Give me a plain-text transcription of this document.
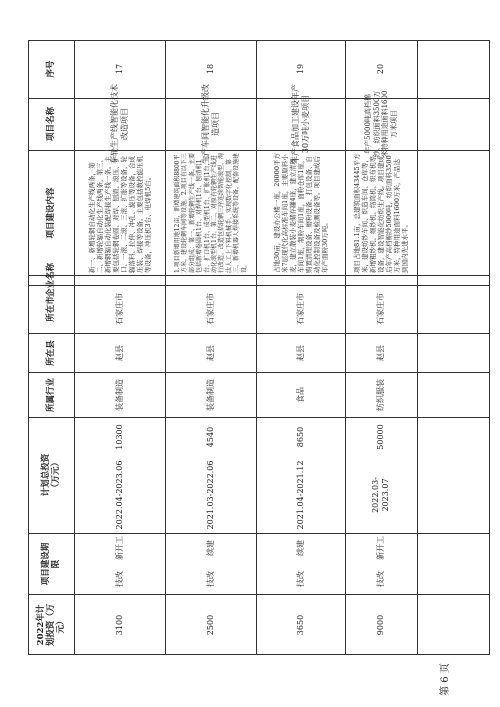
序号
项目名称
项目建设内容
企业名称
所在市
所在县
所属行业
计划总投资（万元）
项目建设期限
2022年计划投资（万元）
17
车轮生产线智能化技术改造项目
新一、新增轮辋自动化生产线两条，第二、新增轮辐自动化生产线两条，第三、新增辋辐自动化装配焊接生产线一条。主要包括轮辋卷圆、对焊、刨渣、滚压、扩口、一滚、二滚、三滚、扩胀等设备，轮辐落料、拉伸、冲孔、旋压等设备，合成压装、焊接等设备。主要包括数控旋压机等设备，冲压机3台、电焊机5台。
石家庄市
赵县
装备制造
10300
2022.04-2023.06
新开工
技改
3100
18
生产车间智能化升级改造项目
1.项目新增用地12亩，新增建筑面积8800平方米，建设轮辋车间等设施。2.项目有以下三部分组成：第一、新增轮辋生产线一条，主要包括新增卷圆机1台、对焊机1台、刨渣机1台、扩口机1台、成型机1台、扩胀机1台，自动化滚型机1台。第二、对原有轮辋生产线进行改造，改造包括轮辋三序连续智能滚型、淘汰人工上下料机械手，实现数字化控制。第三、新增机器人焊接系统等设备，配套设施建设。
石家庄市
赵县
装备制造
4540
2021.03-2022.06
续建
技改
2500
19
年产食品加工建设年产30万吨小麦项目
占地30亩，建设办公楼一座，20000平方米7层现代化高标准车间1座，主要原料小麦，建立散装小麦储存罐4座，建立清理车间1座，制粉车间1座，面粉仓库1座，购置清理设备、磨粉设备、打包设备、自动化控制设备及检测设备等。项目建成后年产面粉30万吨。
石家庄市
赵县
食品
8650
2021.04-2021.12
续建
技改
3650
20
年产5000吨高档棉纱、纺织面料3500万米特种用途面料1600万米项目
项目占地81.1亩，总建筑面积43445平方米，建设纺纱车间、织造车间、仓库等，新增粗纱机、细纱机、络筒机、织布机等设备，建设智能化纺织生产线。项目建成后年产高档棉纱5000吨，纺织面料3500万米，特种用途面料1600万米，产品达到国内先进水平。
石家庄市
赵县
纺织服装
50000
2022.03-2023.07
新开工
技改
9000
第 6 页
